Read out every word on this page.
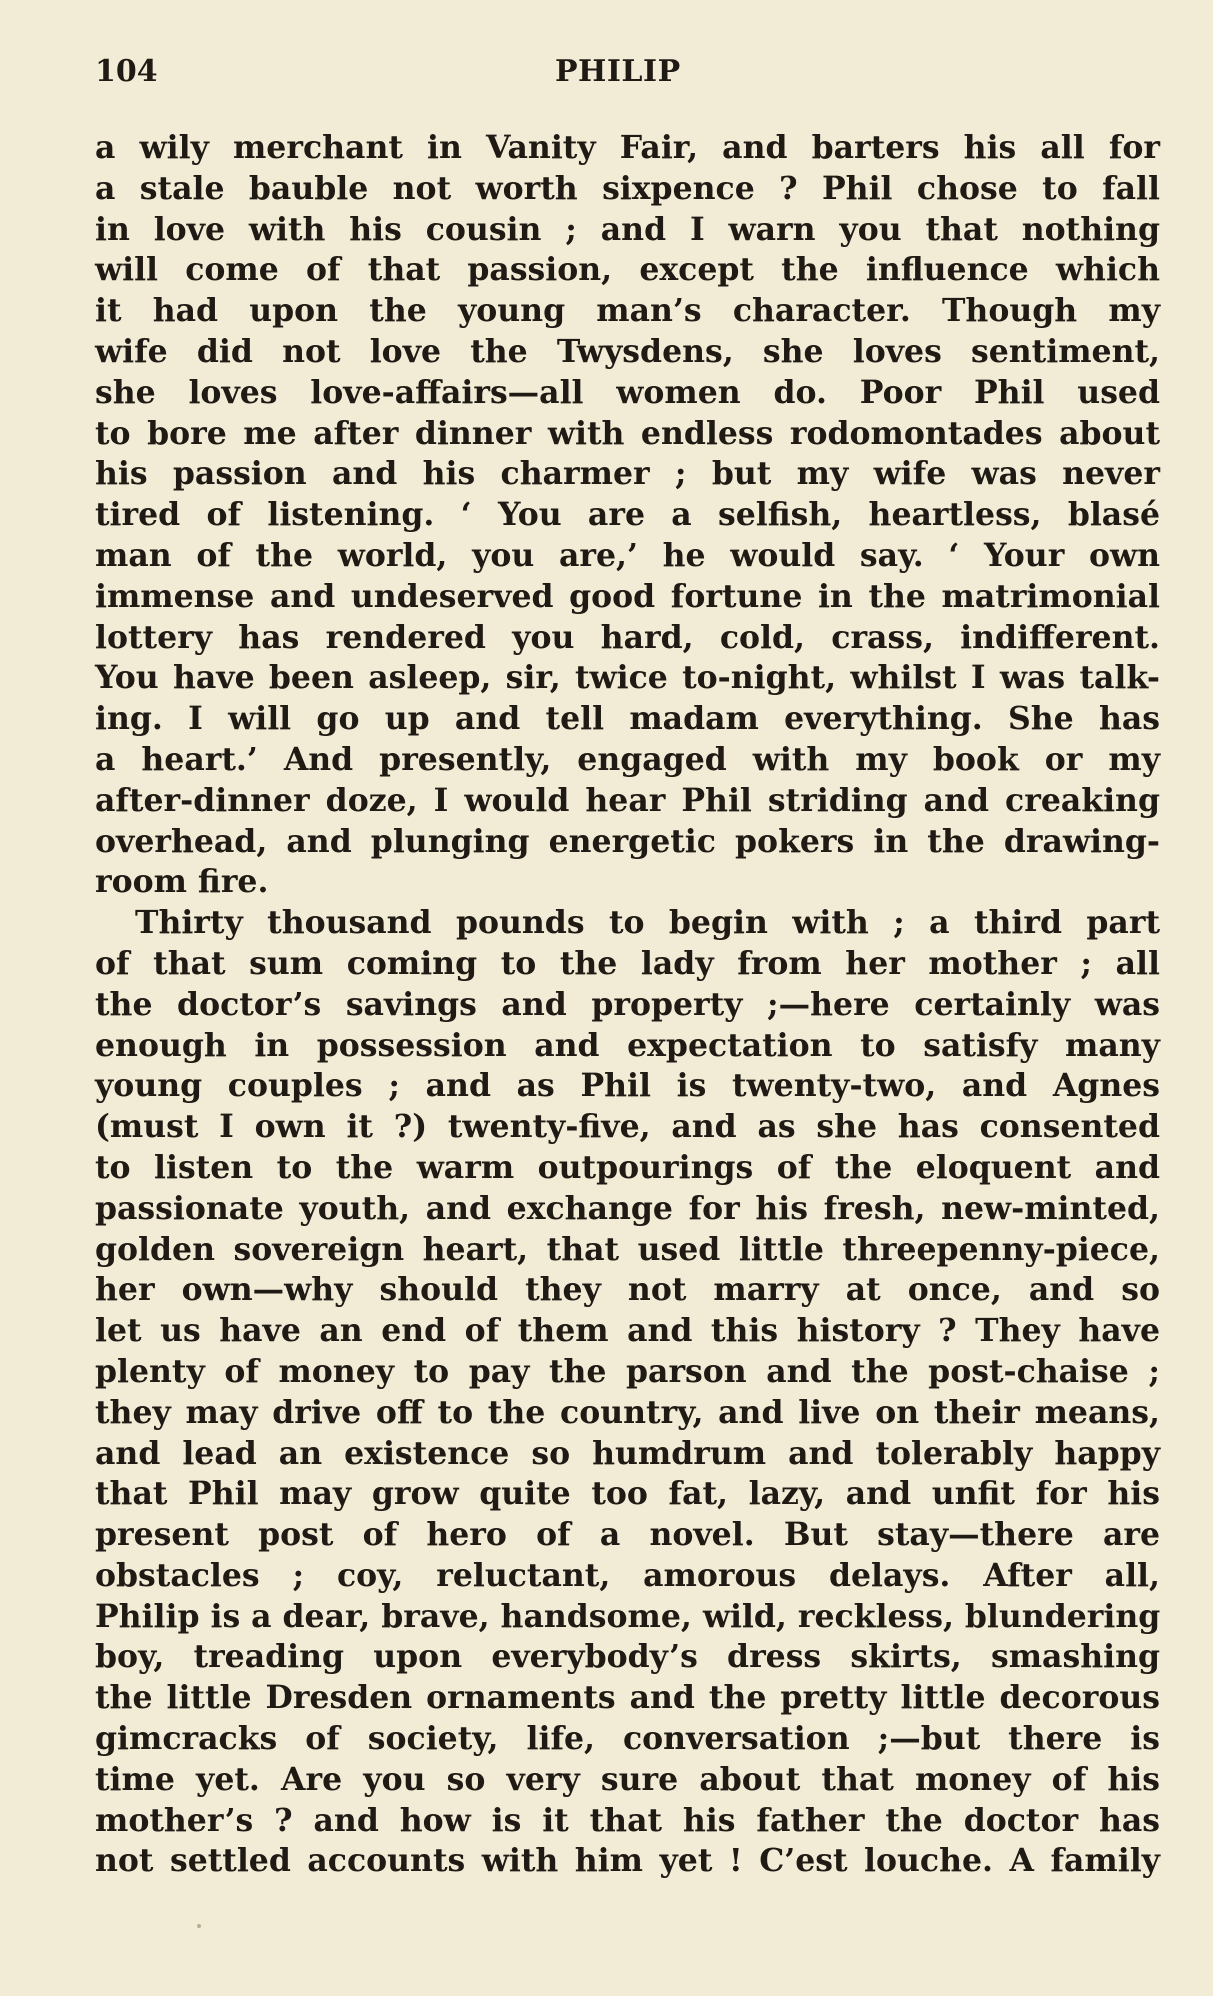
104	PHILIP
a wily merchant in Vanity Fair, and barters his all for
a stale bauble not worth sixpence ? Phil chose to fall
in love with his cousin ; and I warn you that nothing
will come of that passion, except the influence which
it had upon the young man’s character. Though my
wife did not love the Twysdens, she loves sentiment,
she loves love-affairs—all women do. Poor Phil used
to bore me after dinner with endless rodomontades about
his passion and his charmer ; but my wife was never
tired of listening. ‘ You are a selfish, heartless, blasé
man of the world, you are,’ he would say. ‘ Your own
immense and undeserved good fortune in the matrimonial
lottery has rendered you hard, cold, crass, indifferent.
You have been asleep, sir, twice to-night, whilst I was talk-
ing. I will go up and tell madam everything. She has
a heart.’ And presently, engaged with my book or my
after-dinner doze, I would hear Phil striding and creaking
overhead, and plunging energetic pokers in the drawing-
room fire.
Thirty thousand pounds to begin with ; a third part
of that sum coming to the lady from her mother ; all
the doctor’s savings and property ;—here certainly was
enough in possession and expectation to satisfy many
young couples ; and as Phil is twenty-two, and Agnes
(must I own it ?) twenty-five, and as she has consented
to listen to the warm outpourings of the eloquent and
passionate youth, and exchange for his fresh, new-minted,
golden sovereign heart, that used little threepenny-piece,
her own—why should they not marry at once, and so
let us have an end of them and this history ? They have
plenty of money to pay the parson and the post-chaise ;
they may drive off to the country, and live on their means,
and lead an existence so humdrum and tolerably happy
that Phil may grow quite too fat, lazy, and unfit for his
present post of hero of a novel. But stay—there are
obstacles ; coy, reluctant, amorous delays. After all,
Philip is a dear, brave, handsome, wild, reckless, blundering
boy, treading upon everybody’s dress skirts, smashing
the little Dresden ornaments and the pretty little decorous
gimcracks of society, life, conversation ;—but there is
time yet. Are you so very sure about that money of his
mother’s ? and how is it that his father the doctor has
not settled accounts with him yet ! C’est louche. A family
